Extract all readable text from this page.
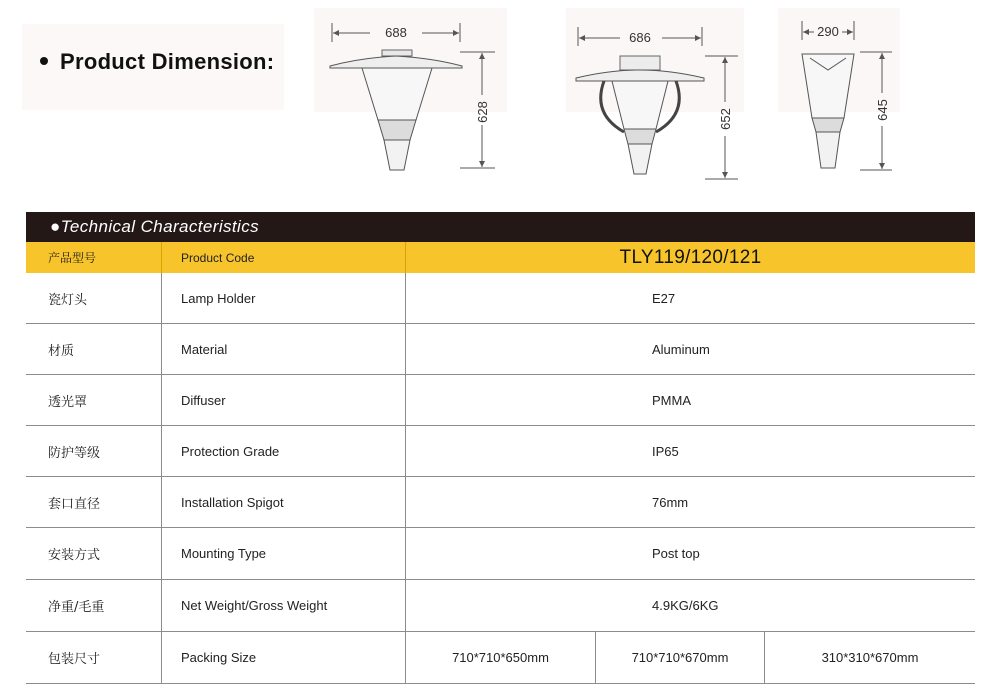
Product Dimension:
688
628
686
652
290
645
●Technical Characteristics
产品型号	Product Code	TLY119/120/121
瓷灯头	Lamp Holder	E27
材质	Material	Aluminum
透光罩	Diffuser	PMMA
防护等级	Protection Grade	IP65
套口直径	Installation Spigot	76mm
安装方式	Mounting Type	Post top
净重/毛重	Net Weight/Gross Weight	4.9KG/6KG
包装尺寸	Packing Size	710*710*650mm	710*710*670mm	310*310*670mm
